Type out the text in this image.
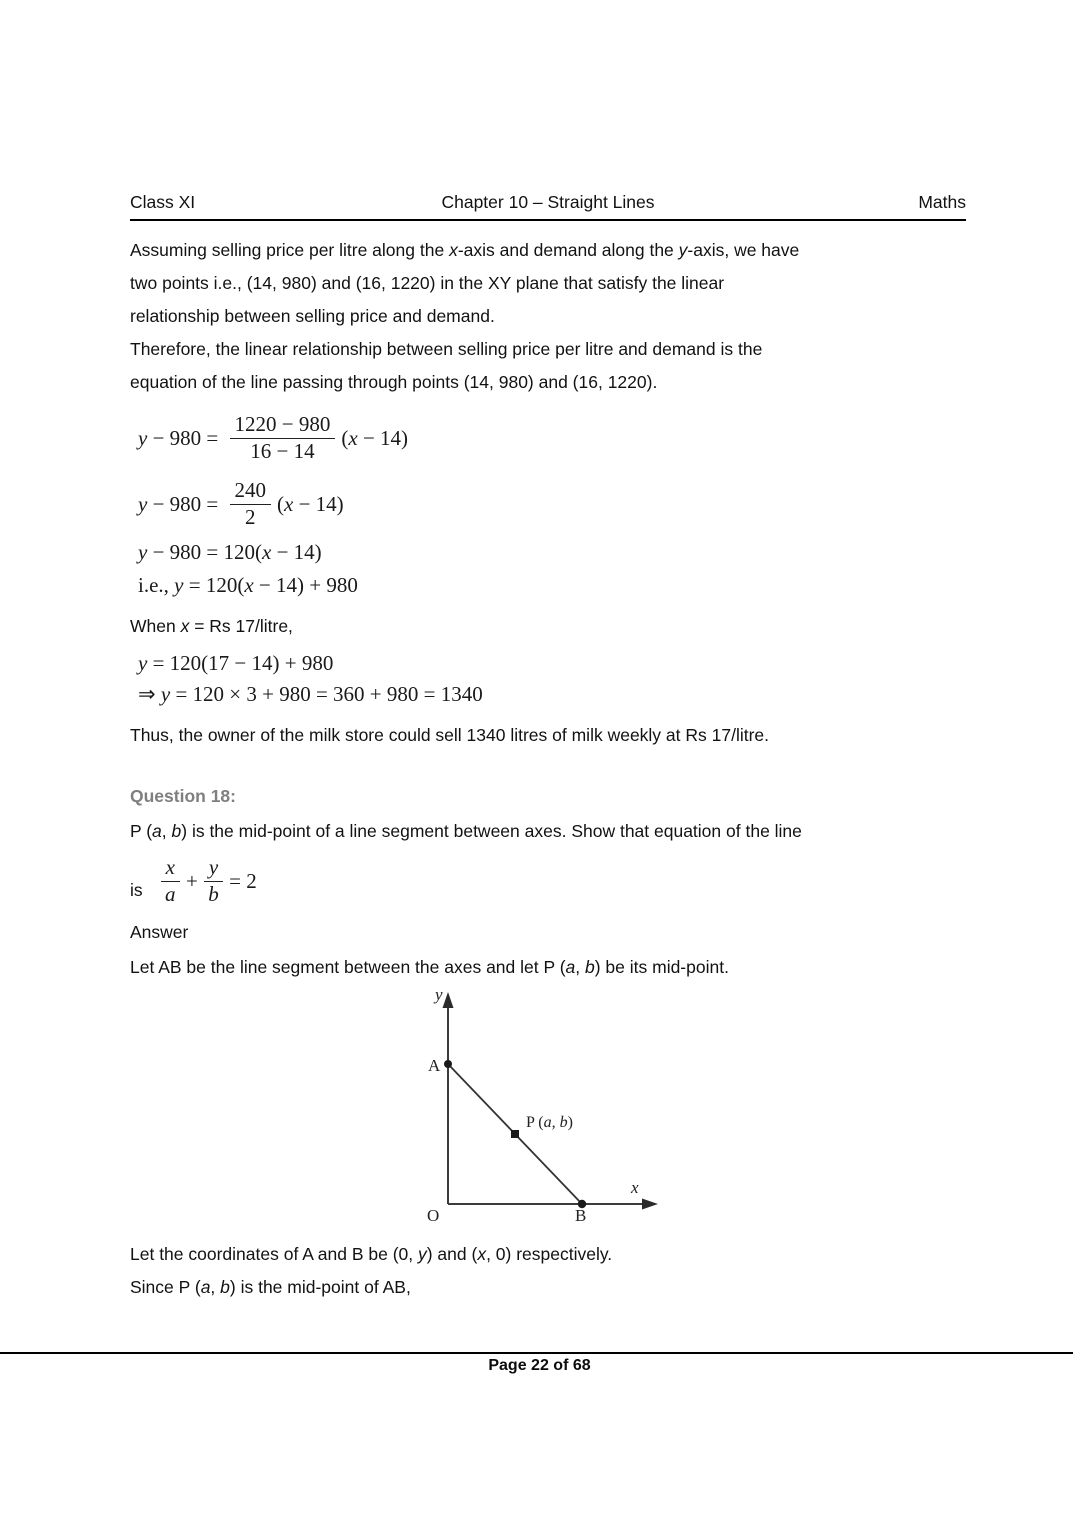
Class XI	Chapter 10 – Straight Lines	Maths
Assuming selling price per litre along the x-axis and demand along the y-axis, we have
two points i.e., (14, 980) and (16, 1220) in the XY plane that satisfy the linear
relationship between selling price and demand.
Therefore, the linear relationship between selling price per litre and demand is the
equation of the line passing through points (14, 980) and (16, 1220).
$y - 980 = \frac{1220 - 980}{16 - 14} (x - 14)$
$y - 980 = \frac{240}{2} (x - 14)$
y − 980 = 120(x − 14)
i.e., y = 120(x − 14) + 980
When x = Rs 17/litre,
y = 120(17 − 14) + 980
⇒ y = 120 × 3 + 980 = 360 + 980 = 1340
Thus, the owner of the milk store could sell 1340 litres of milk weekly at Rs 17/litre.
Question 18:
P (a, b) is the mid-point of a line segment between axes. Show that equation of the line
is $\frac{x}{a} + \frac{y}{b} = 2$
Answer
Let AB be the line segment between the axes and let P (a, b) be its mid-point.
y
x
A
B
O
P (a, b)
Let the coordinates of A and B be (0, y) and (x, 0) respectively.
Since P (a, b) is the mid-point of AB,
Page 22 of 68
